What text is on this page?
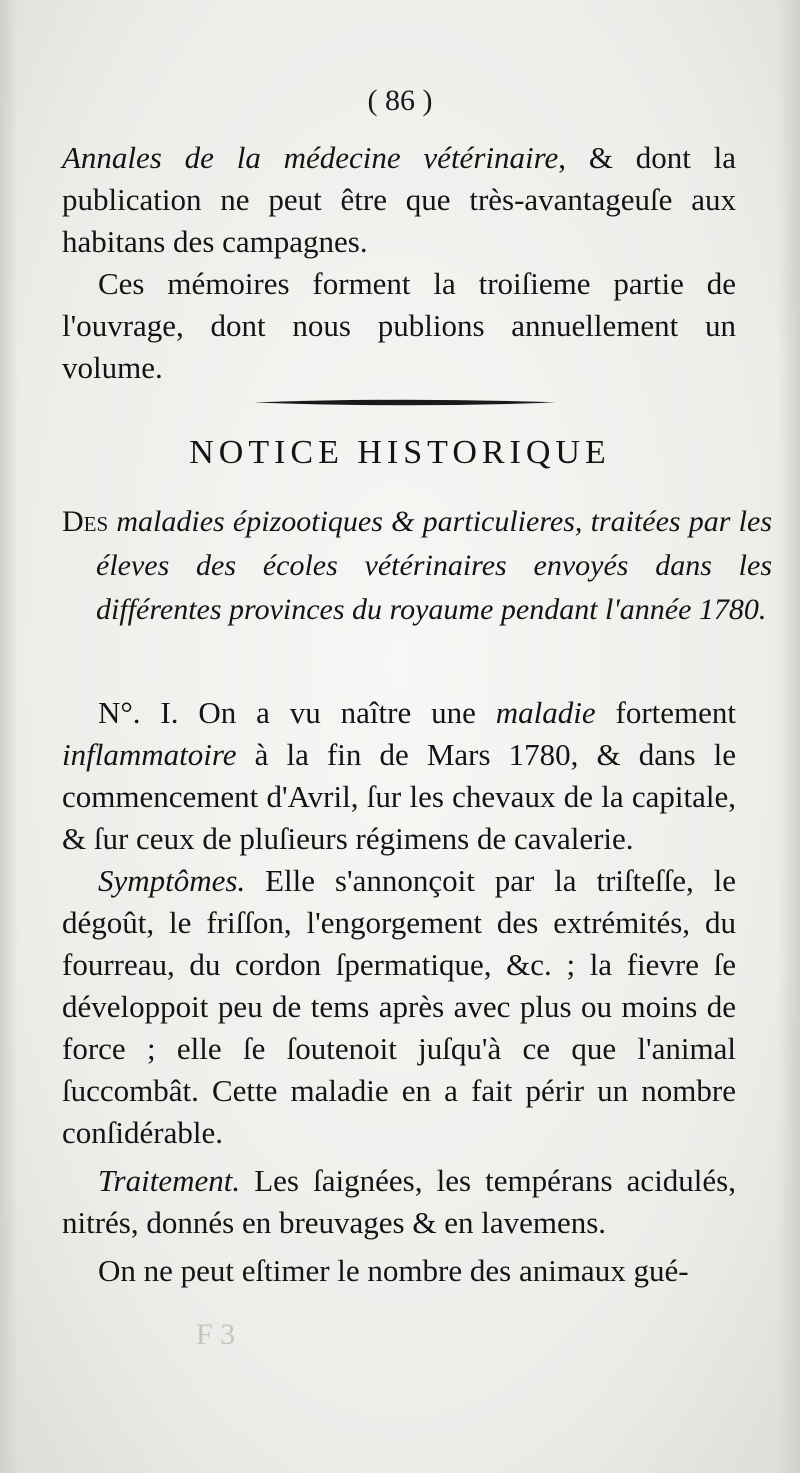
( 86 )

Annales de la médecine vétérinaire, & dont la publication ne peut être que très-avantageuſe aux habitans des campagnes.

Ces mémoires forment la troiſieme partie de l'ouvrage, dont nous publions annuellement un volume.

NOTICE HISTORIQUE
Des maladies épizootiques & particulieres, traitées par les éleves des écoles vétérinaires envoyés dans les différentes provinces du royaume pendant l'année 1780.

N°. I. On a vu naître une maladie fortement inflammatoire à la fin de Mars 1780, & dans le commencement d'Avril, ſur les chevaux de la capitale, & ſur ceux de pluſieurs régimens de cavalerie.

Symptômes. Elle s'annonçoit par la triſteſſe, le dégoût, le friſſon, l'engorgement des extrémités, du fourreau, du cordon ſpermatique, &c. ; la fievre ſe développoit peu de tems après avec plus ou moins de force ; elle ſe ſoutenoit juſqu'à ce que l'animal ſuccombât. Cette maladie en a fait périr un nombre conſidérable.

Traitement. Les ſaignées, les tempérans acidulés, nitrés, donnés en breuvages & en lavemens.

On ne peut eſtimer le nombre des animaux gué-

F 3
